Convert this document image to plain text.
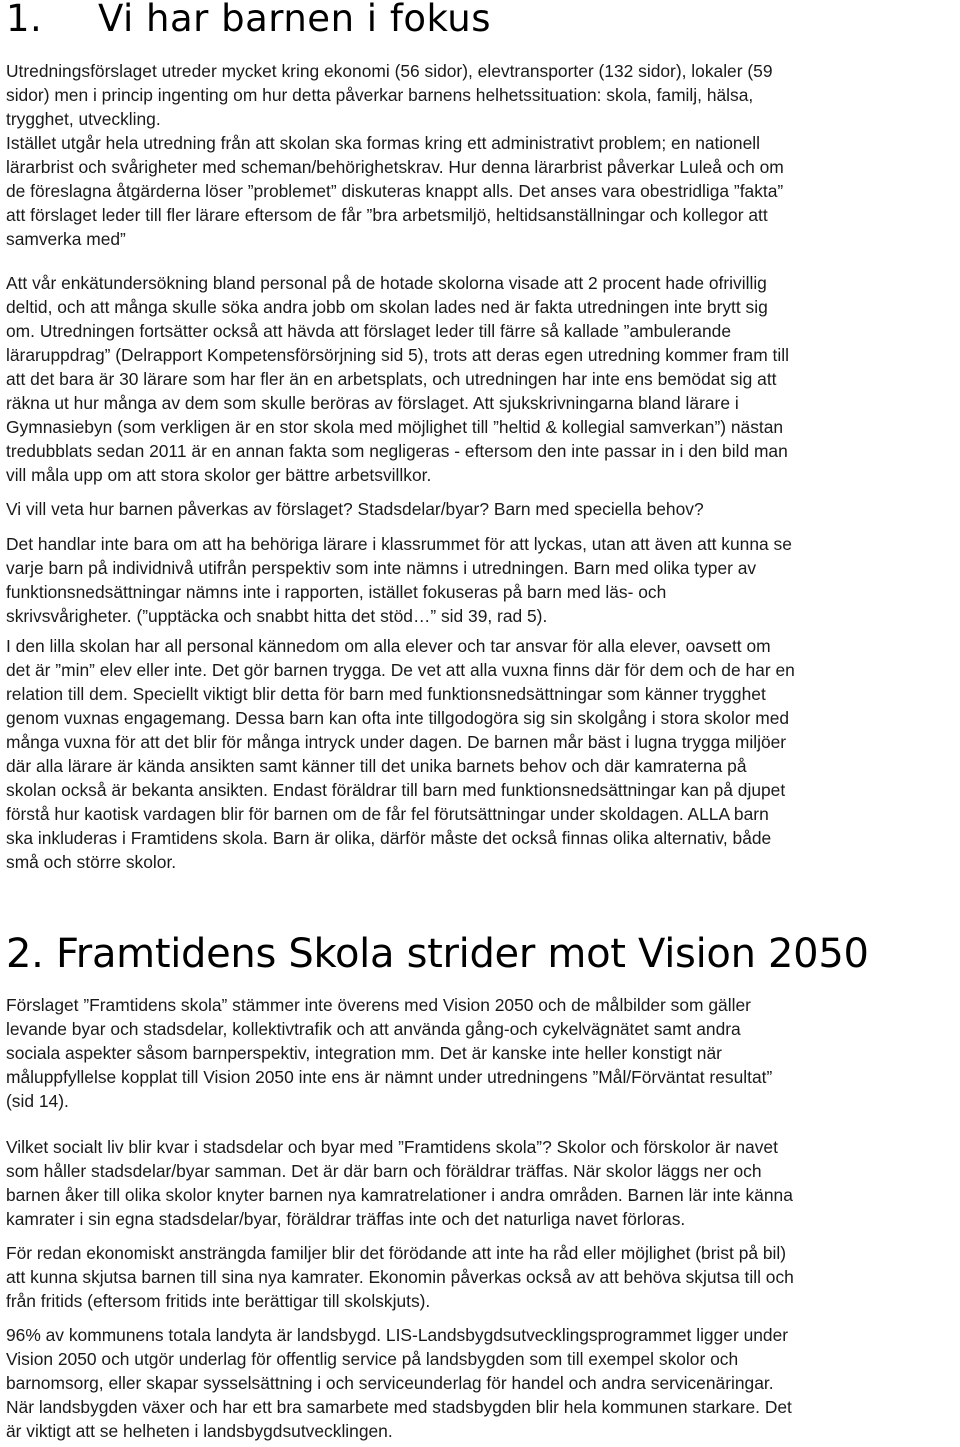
1. Vi har barnen i fokus

Utredningsförslaget utreder mycket kring ekonomi (56 sidor), elevtransporter (132 sidor), lokaler (59
sidor) men i princip ingenting om hur detta påverkar barnens helhetssituation: skola, familj, hälsa,
trygghet, utveckling.
Istället utgår hela utredning från att skolan ska formas kring ett administrativt problem; en nationell
lärarbrist och svårigheter med scheman/behörighetskrav. Hur denna lärarbrist påverkar Luleå och om
de föreslagna åtgärderna löser ”problemet” diskuteras knappt alls. Det anses vara obestridliga ”fakta”
att förslaget leder till fler lärare eftersom de får ”bra arbetsmiljö, heltidsanställningar och kollegor att
samverka med”

Att vår enkätundersökning bland personal på de hotade skolorna visade att 2 procent hade ofrivillig
deltid, och att många skulle söka andra jobb om skolan lades ned är fakta utredningen inte brytt sig
om. Utredningen fortsätter också att hävda att förslaget leder till färre så kallade ”ambulerande
läraruppdrag” (Delrapport Kompetensförsörjning sid 5), trots att deras egen utredning kommer fram till
att det bara är 30 lärare som har fler än en arbetsplats, och utredningen har inte ens bemödat sig att
räkna ut hur många av dem som skulle beröras av förslaget. Att sjukskrivningarna bland lärare i
Gymnasiebyn (som verkligen är en stor skola med möjlighet till ”heltid & kollegial samverkan”) nästan
tredubblats sedan 2011 är en annan fakta som negligeras - eftersom den inte passar in i den bild man
vill måla upp om att stora skolor ger bättre arbetsvillkor.

Vi vill veta hur barnen påverkas av förslaget? Stadsdelar/byar? Barn med speciella behov?

Det handlar inte bara om att ha behöriga lärare i klassrummet för att lyckas, utan att även att kunna se
varje barn på individnivå utifrån perspektiv som inte nämns i utredningen. Barn med olika typer av
funktionsnedsättningar nämns inte i rapporten, istället fokuseras på barn med läs- och
skrivsvårigheter. (”upptäcka och snabbt hitta det stöd…” sid 39, rad 5).

I den lilla skolan har all personal kännedom om alla elever och tar ansvar för alla elever, oavsett om
det är ”min” elev eller inte. Det gör barnen trygga. De vet att alla vuxna finns där för dem och de har en
relation till dem. Speciellt viktigt blir detta för barn med funktionsnedsättningar som känner trygghet
genom vuxnas engagemang. Dessa barn kan ofta inte tillgodogöra sig sin skolgång i stora skolor med
många vuxna för att det blir för många intryck under dagen. De barnen mår bäst i lugna trygga miljöer
där alla lärare är kända ansikten samt känner till det unika barnets behov och där kamraterna på
skolan också är bekanta ansikten. Endast föräldrar till barn med funktionsnedsättningar kan på djupet
förstå hur kaotisk vardagen blir för barnen om de får fel förutsättningar under skoldagen. ALLA barn
ska inkluderas i Framtidens skola. Barn är olika, därför måste det också finnas olika alternativ, både
små och större skolor.

2. Framtidens Skola strider mot Vision 2050

Förslaget ”Framtidens skola” stämmer inte överens med Vision 2050 och de målbilder som gäller
levande byar och stadsdelar, kollektivtrafik och att använda gång-och cykelvägnätet samt andra
sociala aspekter såsom barnperspektiv, integration mm. Det är kanske inte heller konstigt när
måluppfyllelse kopplat till Vision 2050 inte ens är nämnt under utredningens ”Mål/Förväntat resultat”
(sid 14).

Vilket socialt liv blir kvar i stadsdelar och byar med ”Framtidens skola”? Skolor och förskolor är navet
som håller stadsdelar/byar samman. Det är där barn och föräldrar träffas. När skolor läggs ner och
barnen åker till olika skolor knyter barnen nya kamratrelationer i andra områden. Barnen lär inte känna
kamrater i sin egna stadsdelar/byar, föräldrar träffas inte och det naturliga navet förloras.

För redan ekonomiskt ansträngda familjer blir det förödande att inte ha råd eller möjlighet (brist på bil)
att kunna skjutsa barnen till sina nya kamrater. Ekonomin påverkas också av att behöva skjutsa till och
från fritids (eftersom fritids inte berättigar till skolskjuts).

96% av kommunens totala landyta är landsbygd. LIS-Landsbygdsutvecklingsprogrammet ligger under
Vision 2050 och utgör underlag för offentlig service på landsbygden som till exempel skolor och
barnomsorg, eller skapar sysselsättning i och serviceunderlag för handel och andra servicenäringar.
När landsbygden växer och har ett bra samarbete med stadsbygden blir hela kommunen starkare. Det
är viktigt att se helheten i landsbygdsutvecklingen.
